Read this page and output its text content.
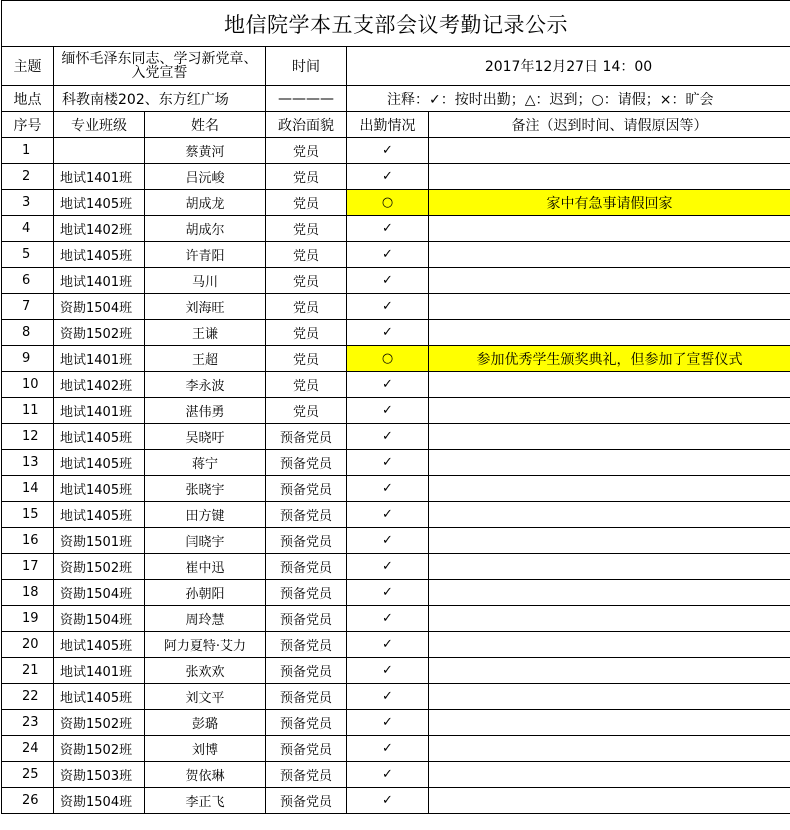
地信院学本五支部会议考勤记录公示					
主题	缅怀毛泽东同志、学习新党章、入党宣誓		时间	2017年12月27日 14：00	
地点	科教南楼202、东方红广场		————	注释：✓：按时出勤；△：迟到；○：请假；×：旷会	
序号	专业班级	姓名	政治面貌	出勤情况	备注（迟到时间、请假原因等）
1		蔡黄河	党员	✓	
2	地试1401班	吕沅峻	党员	✓	
3	地试1405班	胡成龙	党员	○	家中有急事请假回家
4	地试1402班	胡成尔	党员	✓	
5	地试1405班	许青阳	党员	✓	
6	地试1401班	马川	党员	✓	
7	资勘1504班	刘海旺	党员	✓	
8	资勘1502班	王谦	党员	✓	
9	地试1401班	王超	党员	○	参加优秀学生颁奖典礼，但参加了宣誓仪式
10	地试1402班	李永波	党员	✓	
11	地试1401班	湛伟勇	党员	✓	
12	地试1405班	吴晓吁	预备党员	✓	
13	地试1405班	蒋宁	预备党员	✓	
14	地试1405班	张晓宇	预备党员	✓	
15	地试1405班	田方键	预备党员	✓	
16	资勘1501班	闫晓宇	预备党员	✓	
17	资勘1502班	崔中迅	预备党员	✓	
18	资勘1504班	孙朝阳	预备党员	✓	
19	资勘1504班	周玲慧	预备党员	✓	
20	地试1405班	阿力夏特·艾力	预备党员	✓	
21	地试1401班	张欢欢	预备党员	✓	
22	地试1405班	刘文平	预备党员	✓	
23	资勘1502班	彭璐	预备党员	✓	
24	资勘1502班	刘博	预备党员	✓	
25	资勘1503班	贺依琳	预备党员	✓	
26	资勘1504班	李正飞	预备党员	✓	
